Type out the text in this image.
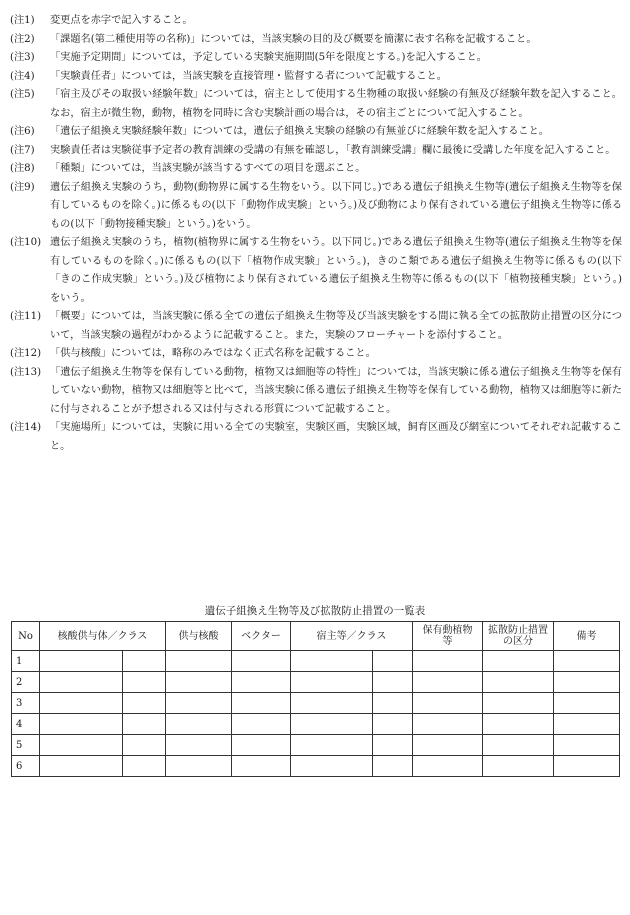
(注1)	変更点を赤字で記入すること。
(注2)	「課題名(第二種使用等の名称)」については，当該実験の目的及び概要を簡潔に表す名称を記載すること。
(注3)	「実施予定期間」については，予定している実験実施期間(5年を限度とする。)を記入すること。
(注4)	「実験責任者」については，当該実験を直接管理・監督する者について記載すること。
(注5)	「宿主及びその取扱い経験年数」については，宿主として使用する生物種の取扱い経験の有無及び経験年数を記入すること。なお，宿主が微生物，動物，植物を同時に含む実験計画の場合は，その宿主ごとについて記入すること。
(注6)	「遺伝子組換え実験経験年数」については，遺伝子組換え実験の経験の有無並びに経験年数を記入すること。
(注7)	実験責任者は実験従事予定者の教育訓練の受講の有無を確認し，「教育訓練受講」欄に最後に受講した年度を記入すること。
(注8)	「種類」については，当該実験が該当するすべての項目を選ぶこと。
(注9)	遺伝子組換え実験のうち，動物(動物界に属する生物をいう。以下同じ。)である遺伝子組換え生物等(遺伝子組換え生物等を保有しているものを除く。)に係るもの(以下「動物作成実験」という。)及び動物により保有されている遺伝子組換え生物等に係るもの(以下「動物接種実験」という。)をいう。
(注10) 遺伝子組換え実験のうち，植物(植物界に属する生物をいう。以下同じ。)である遺伝子組換え生物等(遺伝子組換え生物等を保有しているものを除く。)に係るもの(以下「植物作成実験」という。)，きのこ類である遺伝子組換え生物等に係るもの(以下「きのこ作成実験」という。)及び植物により保有されている遺伝子組換え生物等に係るもの(以下「植物接種実験」という。)をいう。
(注11) 「概要」については，当該実験に係る全ての遺伝子組換え生物等及び当該実験をする間に執る全ての拡散防止措置の区分について，当該実験の過程がわかるように記載すること。また，実験のフローチャートを添付すること。
(注12) 「供与核酸」については，略称のみではなく正式名称を記載すること。
(注13) 「遺伝子組換え生物等を保有している動物，植物又は細胞等の特性」については，当該実験に係る遺伝子組換え生物等を保有していない動物，植物又は細胞等と比べて，当該実験に係る遺伝子組換え生物等を保有している動物，植物又は細胞等に新たに付与されることが予想される又は付与される形質について記載すること。
(注14) 「実施場所」については，実験に用いる全ての実験室，実験区画，実験区域，飼育区画及び網室についてそれぞれ記載すること。
遺伝子組換え生物等及び拡散防止措置の一覧表
No	核酸供与体／クラス		供与核酸	ベクター	宿主等／クラス		保有動植物等	拡散防止措置の区分	備考
1									
2									
3									
4									
5									
6									
